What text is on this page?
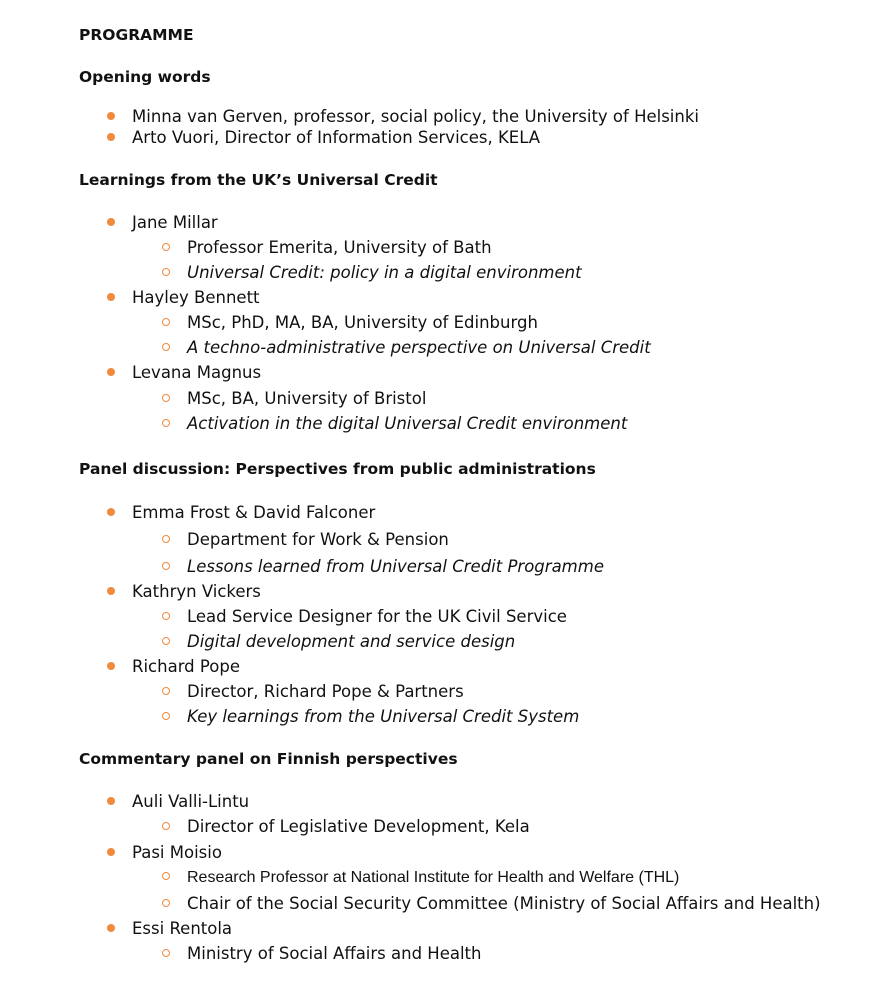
PROGRAMME
Opening words
Minna van Gerven, professor, social policy, the University of Helsinki
Arto Vuori, Director of Information Services, KELA
Learnings from the UK’s Universal Credit
Jane Millar
Professor Emerita, University of Bath
Universal Credit: policy in a digital environment
Hayley Bennett
MSc, PhD, MA, BA, University of Edinburgh
A techno-administrative perspective on Universal Credit
Levana Magnus
MSc, BA, University of Bristol
Activation in the digital Universal Credit environment
Panel discussion: Perspectives from public administrations
Emma Frost & David Falconer
Department for Work & Pension
Lessons learned from Universal Credit Programme
Kathryn Vickers
Lead Service Designer for the UK Civil Service
Digital development and service design
Richard Pope
Director, Richard Pope & Partners
Key learnings from the Universal Credit System
Commentary panel on Finnish perspectives
Auli Valli-Lintu
Director of Legislative Development, Kela
Pasi Moisio
Research Professor at National Institute for Health and Welfare (THL)
Chair of the Social Security Committee (Ministry of Social Affairs and Health)
Essi Rentola
Ministry of Social Affairs and Health
